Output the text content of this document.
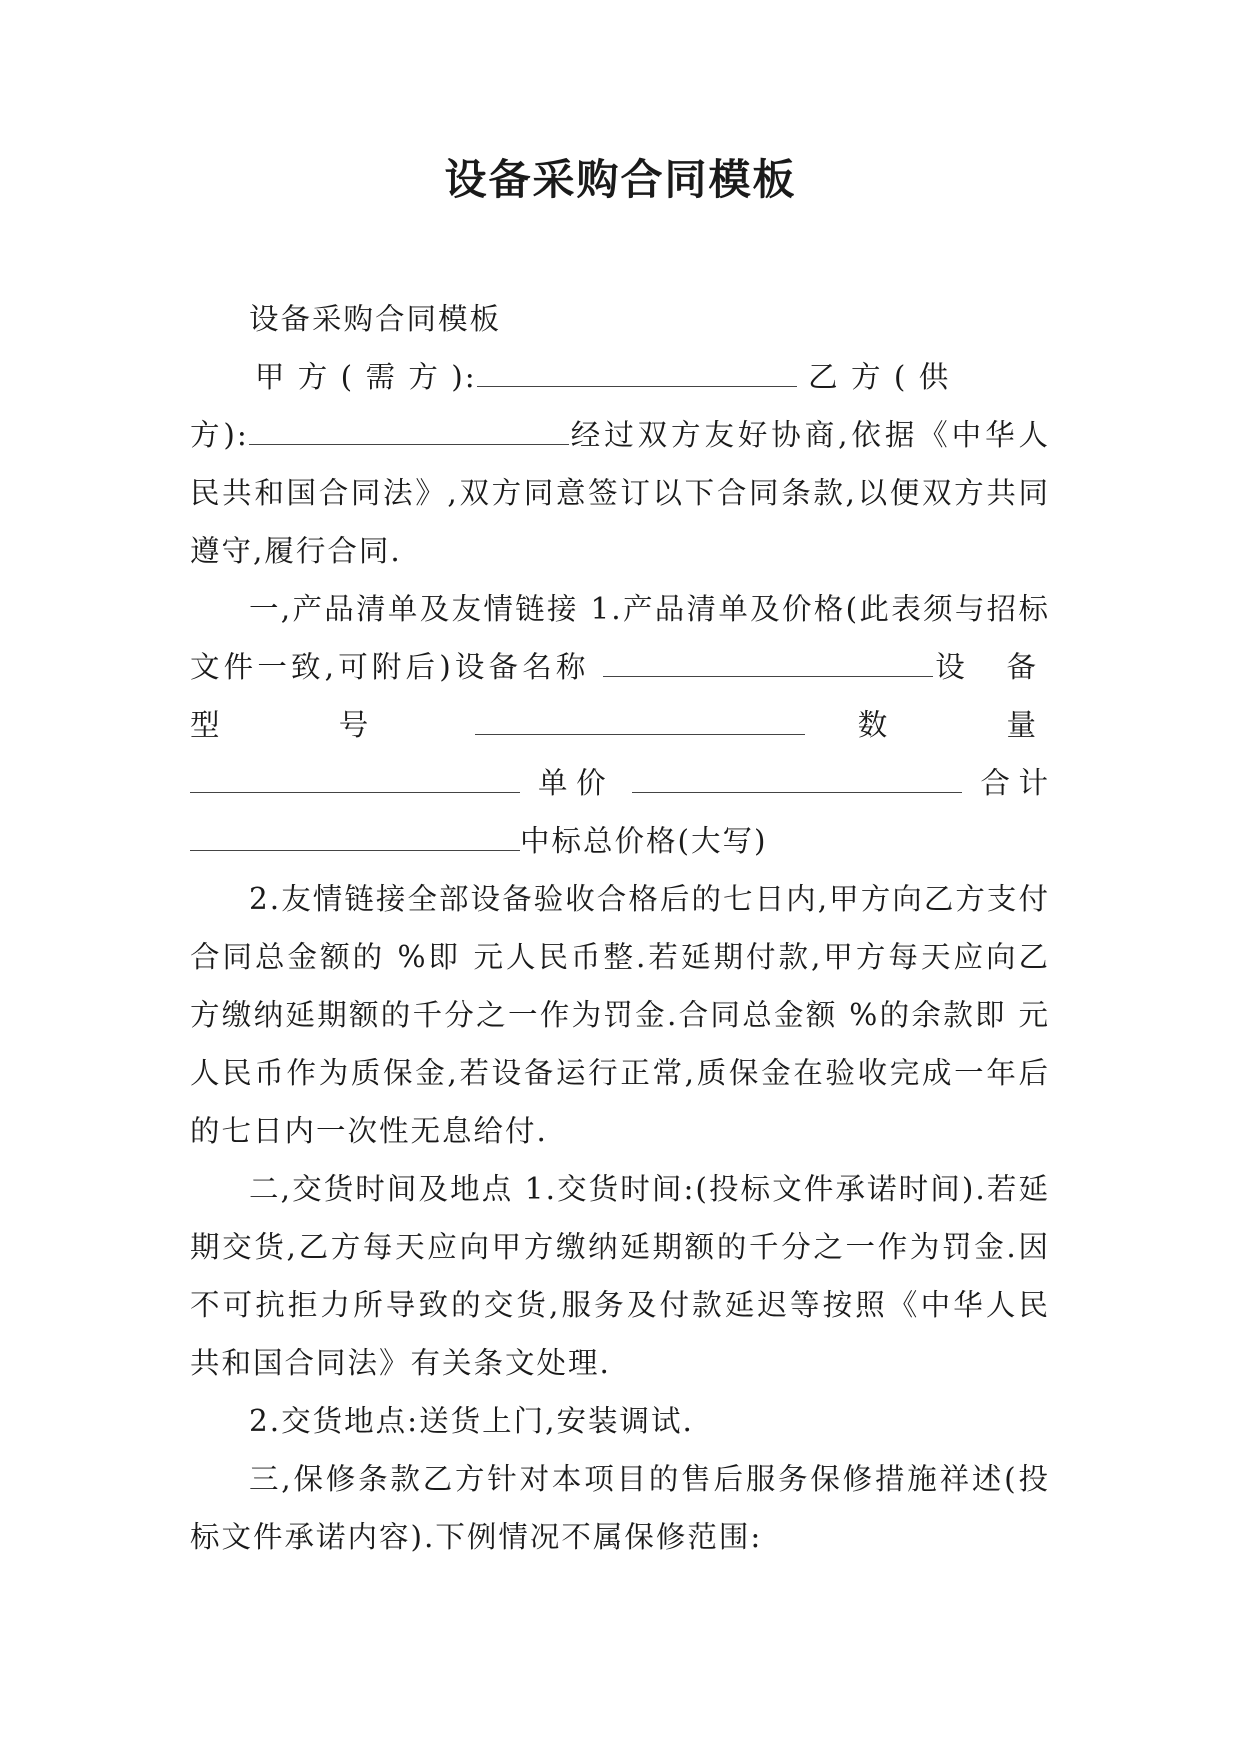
设备采购合同模板

设备采购合同模板

甲 方 ( 需 方 ):	乙 方 ( 供

方):	经过双方友好协商,依据《中华人民共和国合同法》,双方同意签订以下合同条款,以便双方共同遵守,履行合同.

一,产品清单及友情链接 1.产品清单及价格(此表须与招标文件一致,可附后)设备名称	设 备 型 号	数 量  单价	合计 中标总价格(大写)

2.友情链接全部设备验收合格后的七日内,甲方向乙方支付合同总金额的 %即 元人民币整.若延期付款,甲方每天应向乙方缴纳延期额的千分之一作为罚金.合同总金额 %的余款即 元人民币作为质保金,若设备运行正常,质保金在验收完成一年后的七日内一次性无息给付.

二,交货时间及地点 1.交货时间:(投标文件承诺时间).若延期交货,乙方每天应向甲方缴纳延期额的千分之一作为罚金.因不可抗拒力所导致的交货,服务及付款延迟等按照《中华人民共和国合同法》有关条文处理.

2.交货地点:送货上门,安装调试.

三,保修条款乙方针对本项目的售后服务保修措施祥述(投标文件承诺内容).下例情况不属保修范围:
